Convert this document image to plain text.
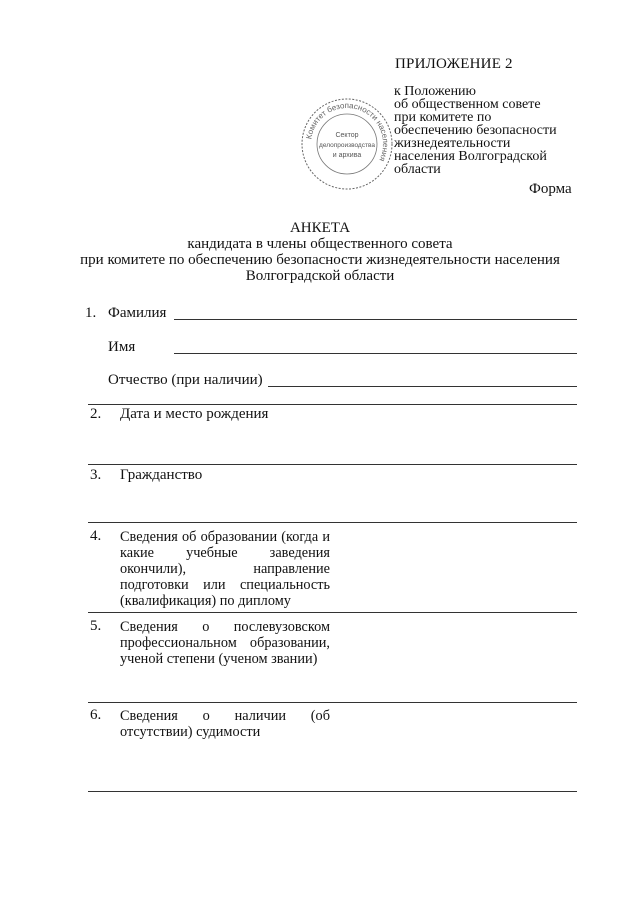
ПРИЛОЖЕНИЕ 2
к Положению
об общественном совете
при комитете по
обеспечению безопасности
жизнедеятельности
населения Волгоградской
области
Форма
Комитет безопасности населения
Сектор
делопроизводства
и архива
АНКЕТА
кандидата в члены общественного совета
при комитете по обеспечению безопасности жизнедеятельности населения
Волгоградской области
1. Фамилия
Имя
Отчество (при наличии)
2. Дата и место рождения
3. Гражданство
4. Сведения об образовании (когда и какие учебные заведения окончили), направление подготовки или специальность (квалификация) по диплому
5. Сведения о послевузовском профессиональном образовании, ученой степени (ученом звании)
6. Сведения о наличии (об отсутствии) судимости
